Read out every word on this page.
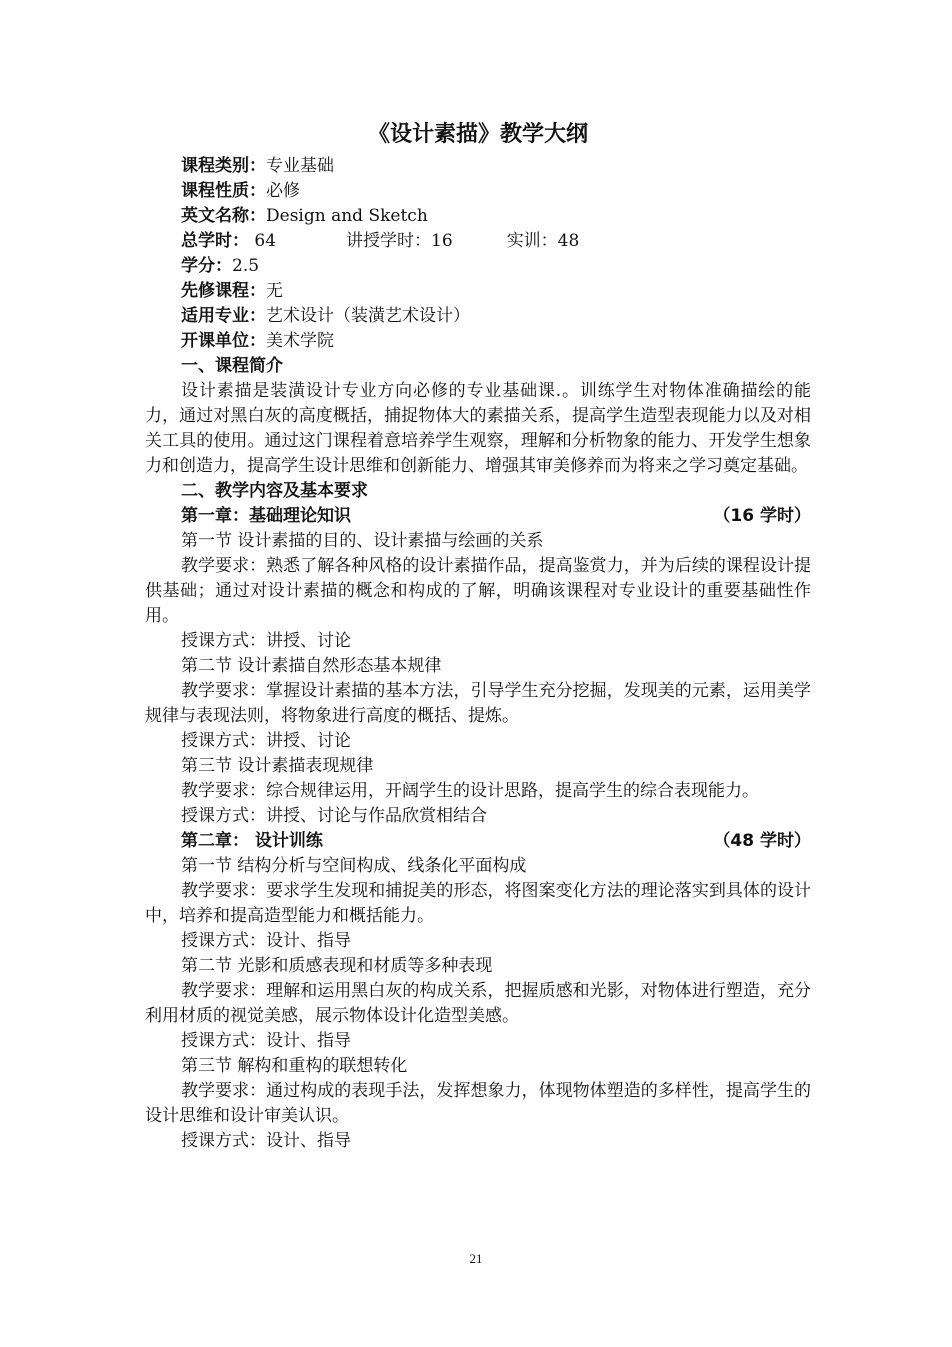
《设计素描》教学大纲

课程类别：专业基础

课程性质：必修

英文名称：Design and Sketch

总学时： 64	讲授学时：16	实训：48

学分：2.5

先修课程：无

适用专业：艺术设计（装潢艺术设计）

开课单位：美术学院

一、课程简介

设计素描是装潢设计专业方向必修的专业基础课.。训练学生对物体准确描绘的能力，通过对黑白灰的高度概括，捕捉物体大的素描关系，提高学生造型表现能力以及对相关工具的使用。通过这门课程着意培养学生观察，理解和分析物象的能力、开发学生想象力和创造力，提高学生设计思维和创新能力、增强其审美修养而为将来之学习奠定基础。

二、教学内容及基本要求

第一章：基础理论知识	（16 学时）

第一节 设计素描的目的、设计素描与绘画的关系

教学要求：熟悉了解各种风格的设计素描作品，提高鉴赏力，并为后续的课程设计提供基础；通过对设计素描的概念和构成的了解，明确该课程对专业设计的重要基础性作用。

授课方式：讲授、讨论

第二节 设计素描自然形态基本规律

教学要求：掌握设计素描的基本方法，引导学生充分挖掘，发现美的元素，运用美学规律与表现法则，将物象进行高度的概括、提炼。

授课方式：讲授、讨论

第三节 设计素描表现规律

教学要求：综合规律运用，开阔学生的设计思路，提高学生的综合表现能力。

授课方式：讲授、讨论与作品欣赏相结合

第二章： 设计训练	（48 学时）

第一节 结构分析与空间构成、线条化平面构成

教学要求：要求学生发现和捕捉美的形态，将图案变化方法的理论落实到具体的设计中，培养和提高造型能力和概括能力。

授课方式：设计、指导

第二节 光影和质感表现和材质等多种表现

教学要求：理解和运用黑白灰的构成关系，把握质感和光影，对物体进行塑造，充分利用材质的视觉美感，展示物体设计化造型美感。

授课方式：设计、指导

第三节 解构和重构的联想转化

教学要求：通过构成的表现手法，发挥想象力，体现物体塑造的多样性，提高学生的设计思维和设计审美认识。

授课方式：设计、指导

21
